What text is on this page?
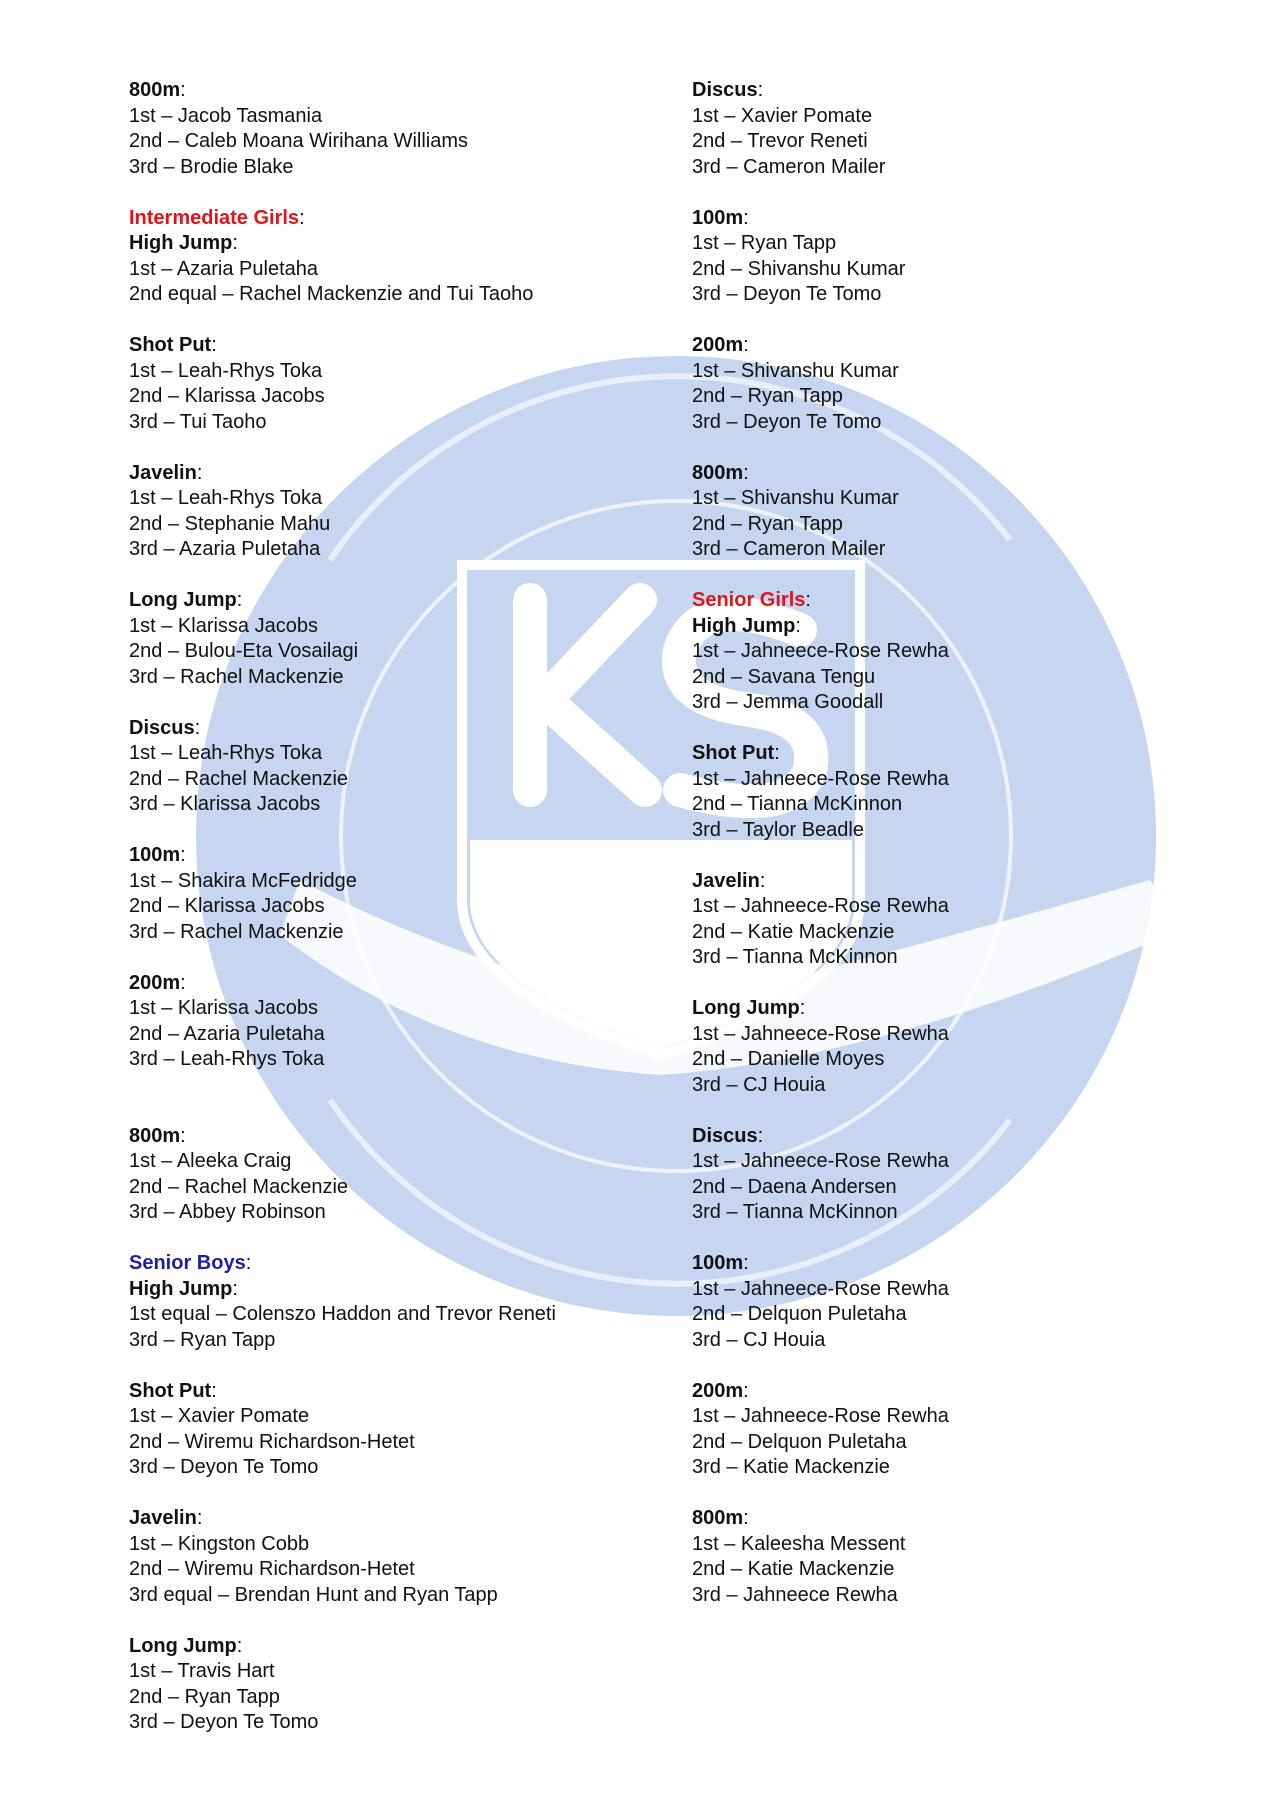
800m:
1st – Jacob Tasmania
2nd – Caleb Moana Wirihana Williams
3rd – Brodie Blake
Intermediate Girls:
High Jump:
1st – Azaria Puletaha
2nd equal – Rachel Mackenzie and Tui Taoho
Shot Put:
1st – Leah-Rhys Toka
2nd – Klarissa Jacobs
3rd – Tui Taoho
Javelin:
1st – Leah-Rhys Toka
2nd – Stephanie Mahu
3rd – Azaria Puletaha
Long Jump:
1st – Klarissa Jacobs
2nd – Bulou-Eta Vosailagi
3rd – Rachel Mackenzie
Discus:
1st – Leah-Rhys Toka
2nd – Rachel Mackenzie
3rd – Klarissa Jacobs
100m:
1st – Shakira McFedridge
2nd – Klarissa Jacobs
3rd – Rachel Mackenzie
200m:
1st – Klarissa Jacobs
2nd – Azaria Puletaha
3rd – Leah-Rhys Toka
800m:
1st – Aleeka Craig
2nd – Rachel Mackenzie
3rd – Abbey Robinson
Senior Boys:
High Jump:
1st equal – Colenszo Haddon and Trevor Reneti
3rd – Ryan Tapp
Shot Put:
1st – Xavier Pomate
2nd – Wiremu Richardson-Hetet
3rd – Deyon Te Tomo
Javelin:
1st – Kingston Cobb
2nd – Wiremu Richardson-Hetet
3rd equal – Brendan Hunt and Ryan Tapp
Long Jump:
1st – Travis Hart
2nd – Ryan Tapp
3rd – Deyon Te Tomo
Discus:
1st – Xavier Pomate
2nd – Trevor Reneti
3rd – Cameron Mailer
100m:
1st – Ryan Tapp
2nd – Shivanshu Kumar
3rd – Deyon Te Tomo
200m:
1st – Shivanshu Kumar
2nd – Ryan Tapp
3rd – Deyon Te Tomo
800m:
1st – Shivanshu Kumar
2nd – Ryan Tapp
3rd – Cameron Mailer
Senior Girls:
High Jump:
1st – Jahneece-Rose Rewha
2nd – Savana Tengu
3rd – Jemma Goodall
Shot Put:
1st – Jahneece-Rose Rewha
2nd – Tianna McKinnon
3rd – Taylor Beadle
Javelin:
1st – Jahneece-Rose Rewha
2nd – Katie Mackenzie
3rd – Tianna McKinnon
Long Jump:
1st – Jahneece-Rose Rewha
2nd – Danielle Moyes
3rd – CJ Houia
Discus:
1st – Jahneece-Rose Rewha
2nd – Daena Andersen
3rd – Tianna McKinnon
100m:
1st – Jahneece-Rose Rewha
2nd – Delquon Puletaha
3rd – CJ Houia
200m:
1st – Jahneece-Rose Rewha
2nd – Delquon Puletaha
3rd – Katie Mackenzie
800m:
1st – Kaleesha Messent
2nd – Katie Mackenzie
3rd – Jahneece Rewha
